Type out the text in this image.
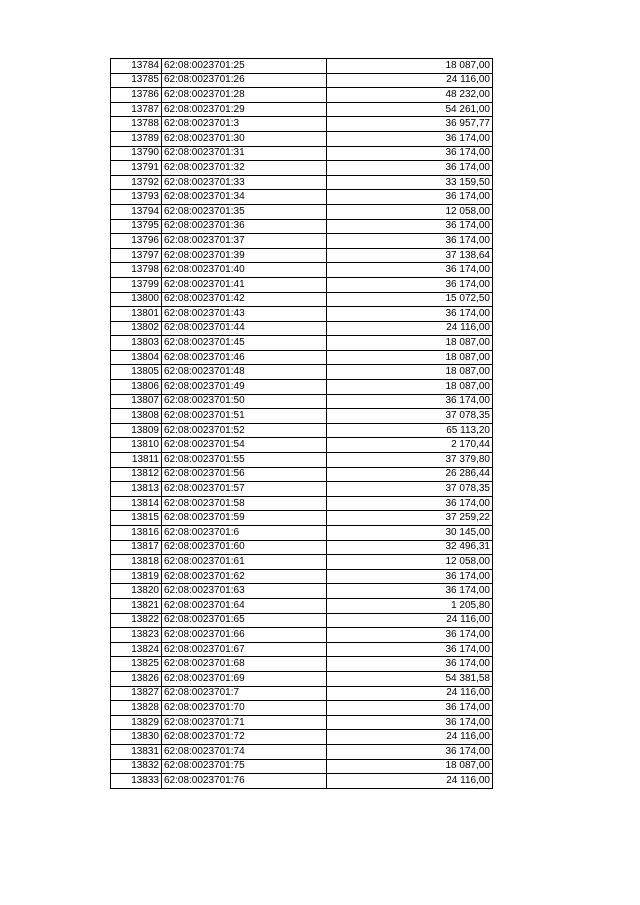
13784	62:08:0023701:25	18 087,00
13785	62:08:0023701:26	24 116,00
13786	62:08:0023701:28	48 232,00
13787	62:08:0023701:29	54 261,00
13788	62:08:0023701:3	36 957,77
13789	62:08:0023701:30	36 174,00
13790	62:08:0023701:31	36 174,00
13791	62:08:0023701:32	36 174,00
13792	62:08:0023701:33	33 159,50
13793	62:08:0023701:34	36 174,00
13794	62:08:0023701:35	12 058,00
13795	62:08:0023701:36	36 174,00
13796	62:08:0023701:37	36 174,00
13797	62:08:0023701:39	37 138,64
13798	62:08:0023701:40	36 174,00
13799	62:08:0023701:41	36 174,00
13800	62:08:0023701:42	15 072,50
13801	62:08:0023701:43	36 174,00
13802	62:08:0023701:44	24 116,00
13803	62:08:0023701:45	18 087,00
13804	62:08:0023701:46	18 087,00
13805	62:08:0023701:48	18 087,00
13806	62:08:0023701:49	18 087,00
13807	62:08:0023701:50	36 174,00
13808	62:08:0023701:51	37 078,35
13809	62:08:0023701:52	65 113,20
13810	62:08:0023701:54	2 170,44
13811	62:08:0023701:55	37 379,80
13812	62:08:0023701:56	26 286,44
13813	62:08:0023701:57	37 078,35
13814	62:08:0023701:58	36 174,00
13815	62:08:0023701:59	37 259,22
13816	62:08:0023701:6	30 145,00
13817	62:08:0023701:60	32 496,31
13818	62:08:0023701:61	12 058,00
13819	62:08:0023701:62	36 174,00
13820	62:08:0023701:63	36 174,00
13821	62:08:0023701:64	1 205,80
13822	62:08:0023701:65	24 116,00
13823	62:08:0023701:66	36 174,00
13824	62:08:0023701:67	36 174,00
13825	62:08:0023701:68	36 174,00
13826	62:08:0023701:69	54 381,58
13827	62:08:0023701:7	24 116,00
13828	62:08:0023701:70	36 174,00
13829	62:08:0023701:71	36 174,00
13830	62:08:0023701:72	24 116,00
13831	62:08:0023701:74	36 174,00
13832	62:08:0023701:75	18 087,00
13833	62:08:0023701:76	24 116,00
